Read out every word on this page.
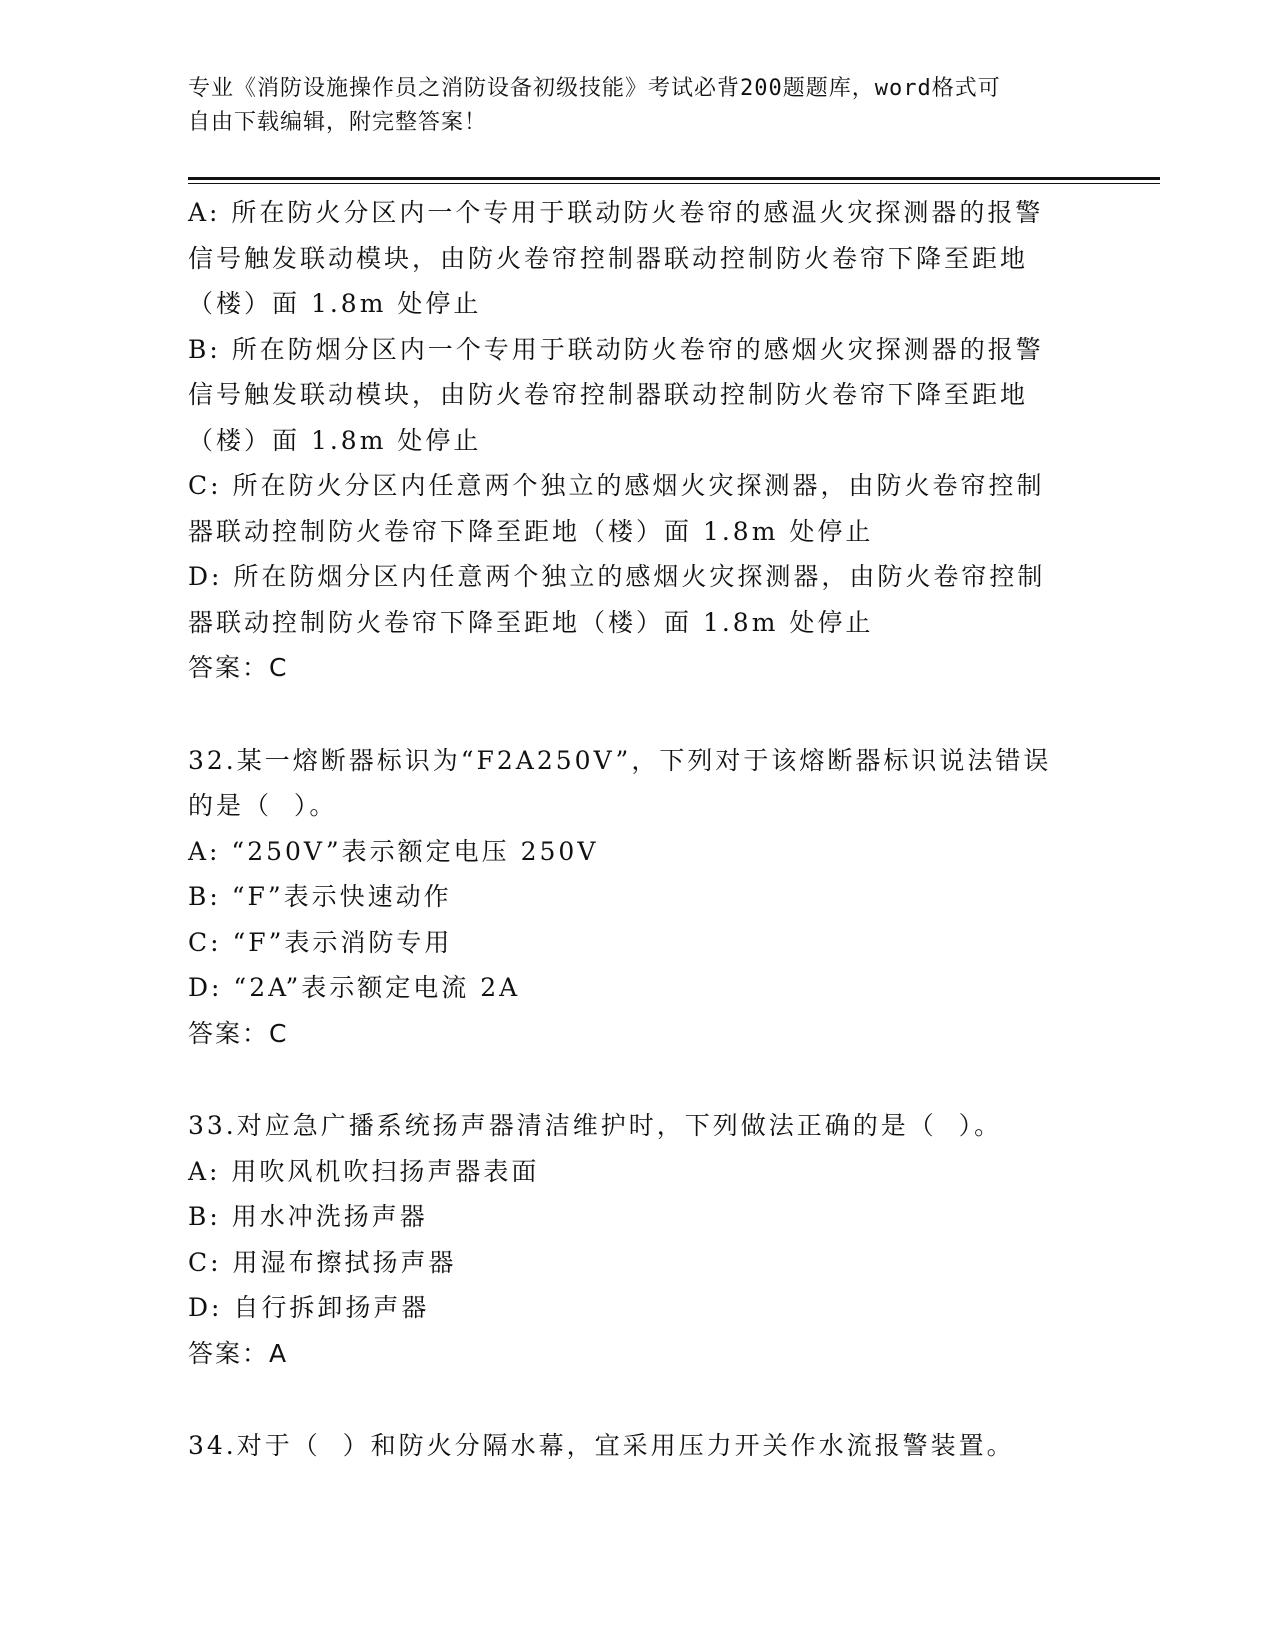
专业《消防设施操作员之消防设备初级技能》考试必背200题题库，word格式可
自由下载编辑，附完整答案！
A: 所在防火分区内一个专用于联动防火卷帘的感温火灾探测器的报警
信号触发联动模块，由防火卷帘控制器联动控制防火卷帘下降至距地
（楼）面 1.8m 处停止
B: 所在防烟分区内一个专用于联动防火卷帘的感烟火灾探测器的报警
信号触发联动模块，由防火卷帘控制器联动控制防火卷帘下降至距地
（楼）面 1.8m 处停止
C: 所在防火分区内任意两个独立的感烟火灾探测器，由防火卷帘控制
器联动控制防火卷帘下降至距地（楼）面 1.8m 处停止
D: 所在防烟分区内任意两个独立的感烟火灾探测器，由防火卷帘控制
器联动控制防火卷帘下降至距地（楼）面 1.8m 处停止
答案：C
32.某一熔断器标识为“F2A250V”，下列对于该熔断器标识说法错误
的是（  ）。
A: “250V”表示额定电压 250V
B: “F”表示快速动作
C: “F”表示消防专用
D: “2A”表示额定电流 2A
答案：C
33.对应急广播系统扬声器清洁维护时，下列做法正确的是（  ）。
A: 用吹风机吹扫扬声器表面
B: 用水冲洗扬声器
C: 用湿布擦拭扬声器
D: 自行拆卸扬声器
答案：A
34.对于（  ）和防火分隔水幕，宜采用压力开关作水流报警装置。
